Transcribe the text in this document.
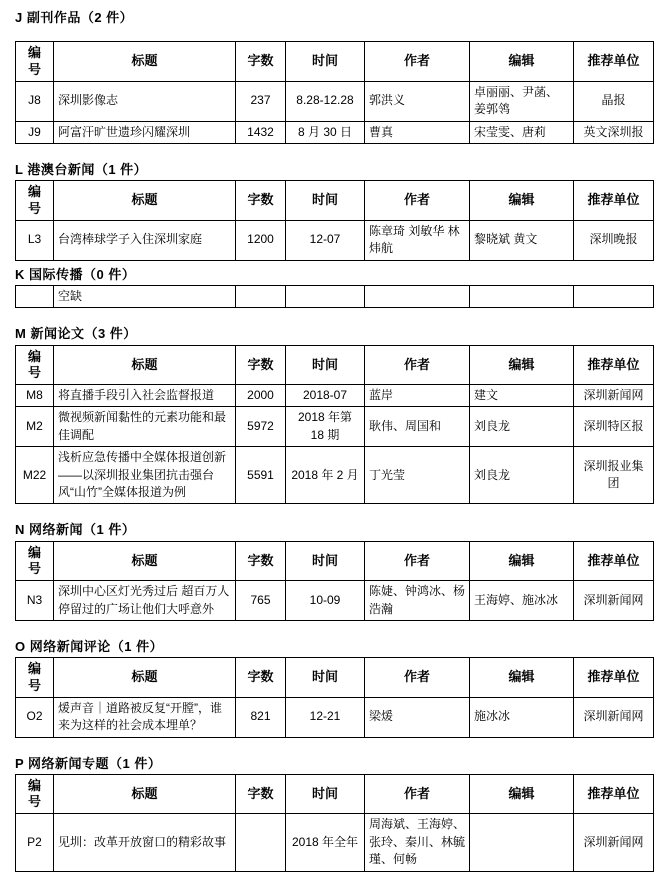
J 副刊作品（2 件）
编号	标题	字数	时间	作者	编辑	推荐单位
J8	深圳影像志	237	8.28-12.28	郭洪义	卓丽丽、尹菡、姜郭鸰	晶报
J9	阿富汗旷世遗珍闪耀深圳	1432	8 月 30 日	曹真	宋莹雯、唐莉	英文深圳报
L 港澳台新闻（1 件）
编号	标题	字数	时间	作者	编辑	推荐单位
L3	台湾棒球学子入住深圳家庭	1200	12-07	陈章琦 刘敏华 林炜航	黎晓斌 黄文	深圳晚报
K 国际传播（0 件）
	空缺					
M 新闻论文（3 件）
编号	标题	字数	时间	作者	编辑	推荐单位
M8	将直播手段引入社会监督报道	2000	2018-07	蓝岸	建文	深圳新闻网
M2	微视频新闻黏性的元素功能和最佳调配	5972	2018 年第 18 期	耿伟、周国和	刘良龙	深圳特区报
M22	浅析应急传播中全媒体报道创新 ——以深圳报业集团抗击强台风“山竹”全媒体报道为例	5591	2018 年 2 月	丁光莹	刘良龙	深圳报业集团
N 网络新闻（1 件）
编号	标题	字数	时间	作者	编辑	推荐单位
N3	深圳中心区灯光秀过后 超百万人停留过的广场让他们大呼意外	765	10-09	陈婕、钟鸿冰、杨浩瀚	王海婷、施冰冰	深圳新闻网
O 网络新闻评论（1 件）
编号	标题	字数	时间	作者	编辑	推荐单位
O2	煖声音｜道路被反复“开膛”，谁来为这样的社会成本埋单？	821	12-21	梁煖	施冰冰	深圳新闻网
P 网络新闻专题（1 件）
编号	标题	字数	时间	作者	编辑	推荐单位
P2	见圳：改革开放窗口的精彩故事		2018 年全年	周海斌、王海婷、张玲、秦川、林毓瑾、何畅		深圳新闻网
